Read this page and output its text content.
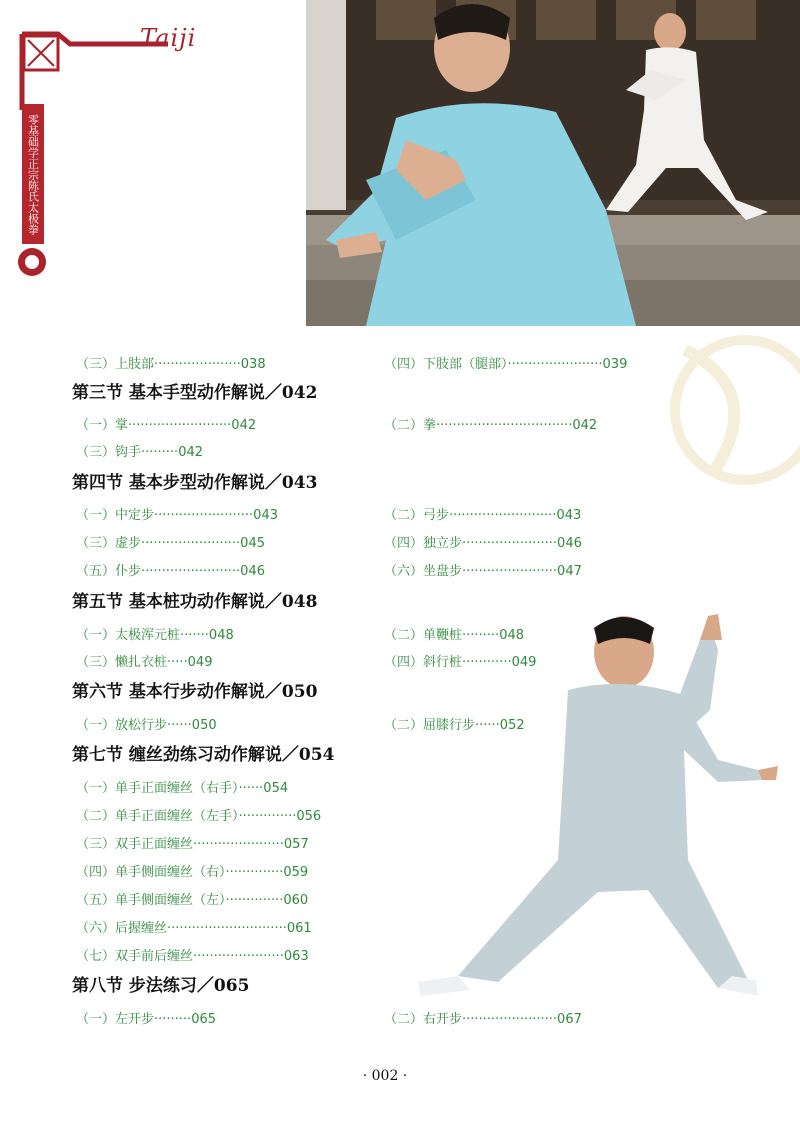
Taiji
零基础学正宗陈氏太极拳
（三）上肢部·····················038	（四）下肢部（腿部）·······················039
第三节 基本手型动作解说／042
（一）掌·························042	（二）拳·································042
（三）钩手·········042
第四节 基本步型动作解说／043
（一）中定步························043	（二）弓步··························043
（三）虚步························045	（四）独立步·······················046
（五）仆步························046	（六）坐盘步·······················047
第五节 基本桩功动作解说／048
（一）太极浑元桩·······048	（二）单鞭桩·········048
（三）懒扎衣桩·····049	（四）斜行桩············049
第六节 基本行步动作解说／050
（一）放松行步······050	（二）屈膝行步······052
第七节 缠丝劲练习动作解说／054
（一）单手正面缠丝（右手）······054
（二）单手正面缠丝（左手）··············056
（三）双手正面缠丝······················057
（四）单手侧面缠丝（右）··············059
（五）单手侧面缠丝（左）··············060
（六）后握缠丝·····························061
（七）双手前后缠丝······················063
第八节 步法练习／065
（一）左开步·········065	（二）右开步·······················067
· 002 ·
